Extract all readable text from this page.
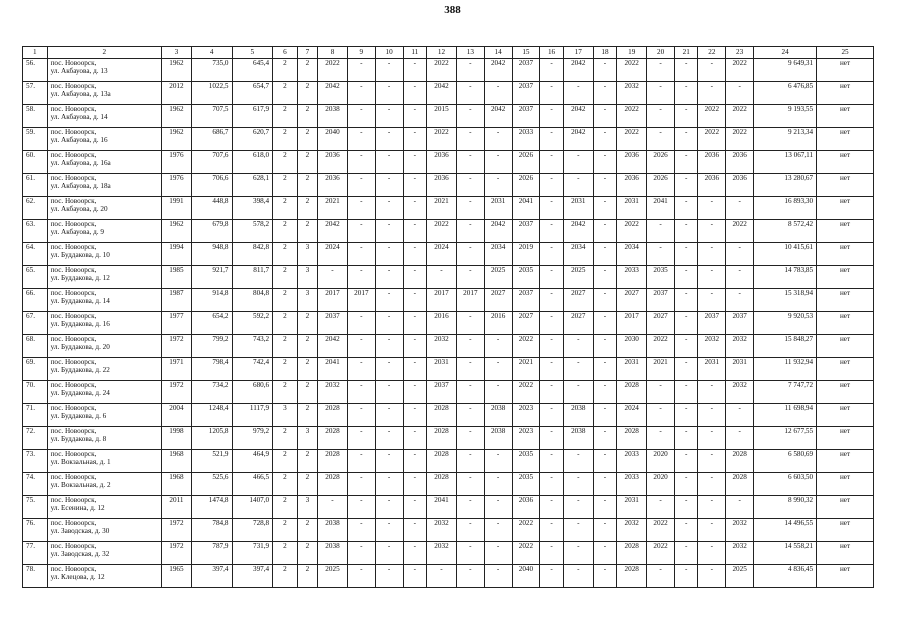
388
1	2	3	4	5	6	7	8	9	10	11	12	13	14	15	16	17	18	19	20	21	22	23	24	25
56.	пос. Новоорск,
ул. Акбауова, д. 13	1962	735,0	645,4	2	2	2022	-	-	-	2022	-	2042	2037	-	2042	-	2022	-	-	-	2022	9 649,31	нет
57.	пос. Новоорск,
ул. Акбауова, д. 13а	2012	1022,5	654,7	2	2	2042	-	-	-	2042	-	-	2037	-	-	-	2032	-	-	-	-	6 476,85	нет
58.	пос. Новоорск,
ул. Акбауова, д. 14	1962	707,5	617,9	2	2	2038	-	-	-	2015	-	2042	2037	-	2042	-	2022	-	-	2022	2022	9 193,55	нет
59.	пос. Новоорск,
ул. Акбауова, д. 16	1962	686,7	620,7	2	2	2040	-	-	-	2022	-	-	2033	-	2042	-	2022	-	-	2022	2022	9 213,34	нет
60.	пос. Новоорск,
ул. Акбауова, д. 16а	1976	707,6	618,0	2	2	2036	-	-	-	2036	-	-	2026	-	-	-	2036	2026	-	2036	2036	13 067,11	нет
61.	пос. Новоорск,
ул. Акбауова, д. 18а	1976	706,6	628,1	2	2	2036	-	-	-	2036	-	-	2026	-	-	-	2036	2026	-	2036	2036	13 280,67	нет
62.	пос. Новоорск,
ул. Акбауова, д. 20	1991	448,8	398,4	2	2	2021	-	-	-	2021	-	2031	2041	-	2031	-	2031	2041	-	-	-	16 893,30	нет
63.	пос. Новоорск,
ул. Акбауова, д. 9	1962	679,8	578,2	2	2	2042	-	-	-	2022	-	2042	2037	-	2042	-	2022	-	-	-	2022	8 572,42	нет
64.	пос. Новоорск,
ул. Буддакова, д. 10	1994	948,8	842,8	2	3	2024	-	-	-	2024	-	2034	2019	-	2034	-	2034	-	-	-	-	10 415,61	нет
65.	пос. Новоорск,
ул. Буддакова, д. 12	1985	921,7	811,7	2	3	-	-	-	-	-	-	2025	2035	-	2025	-	2033	2035	-	-	-	14 783,85	нет
66.	пос. Новоорск,
ул. Буддакова, д. 14	1987	914,8	804,8	2	3	2017	2017	-	-	2017	2017	2027	2037	-	2027	-	2027	2037	-	-	-	15 318,94	нет
67.	пос. Новоорск,
ул. Буддакова, д. 16	1977	654,2	592,2	2	2	2037	-	-	-	2016	-	2016	2027	-	2027	-	2017	2027	-	2037	2037	9 920,53	нет
68.	пос. Новоорск,
ул. Буддакова, д. 20	1972	799,2	743,2	2	2	2042	-	-	-	2032	-	-	2022	-	-	-	2030	2022	-	2032	2032	15 848,27	нет
69.	пос. Новоорск,
ул. Буддакова, д. 22	1971	798,4	742,4	2	2	2041	-	-	-	2031	-	-	2021	-	-	-	2031	2021	-	2031	2031	11 932,94	нет
70.	пос. Новоорск,
ул. Буддакова, д. 24	1972	734,2	680,6	2	2	2032	-	-	-	2037	-	-	2022	-	-	-	2028	-	-	-	2032	7 747,72	нет
71.	пос. Новоорск,
ул. Буддакова, д. 6	2004	1248,4	1117,9	3	2	2028	-	-	-	2028	-	2038	2023	-	2038	-	2024	-	-	-	-	11 698,94	нет
72.	пос. Новоорск,
ул. Буддакова, д. 8	1998	1205,8	979,2	2	3	2028	-	-	-	2028	-	2038	2023	-	2038	-	2028	-	-	-	-	12 677,55	нет
73.	пос. Новоорск,
ул. Вокзальная, д. 1	1968	521,9	464,9	2	2	2028	-	-	-	2028	-	-	2035	-	-	-	2033	2020	-	-	2028	6 580,69	нет
74.	пос. Новоорск,
ул. Вокзальная, д. 2	1968	525,6	466,5	2	2	2028	-	-	-	2028	-	-	2035	-	-	-	2033	2020	-	-	2028	6 603,50	нет
75.	пос. Новоорск,
ул. Есенина, д. 12	2011	1474,8	1407,0	2	3	-	-	-	-	2041	-	-	2036	-	-	-	2031	-	-	-	-	8 990,32	нет
76.	пос. Новоорск,
ул. Заводская, д. 30	1972	784,8	728,8	2	2	2038	-	-	-	2032	-	-	2022	-	-	-	2032	2022	-	-	2032	14 496,55	нет
77.	пос. Новоорск,
ул. Заводская, д. 32	1972	787,9	731,9	2	2	2038	-	-	-	2032	-	-	2022	-	-	-	2028	2022	-	-	2032	14 558,21	нет
78.	пос. Новоорск,
ул. Клецова, д. 12	1965	397,4	397,4	2	2	2025	-	-	-	-	-	-	2040	-	-	-	2028	-	-	-	2025	4 836,45	нет
